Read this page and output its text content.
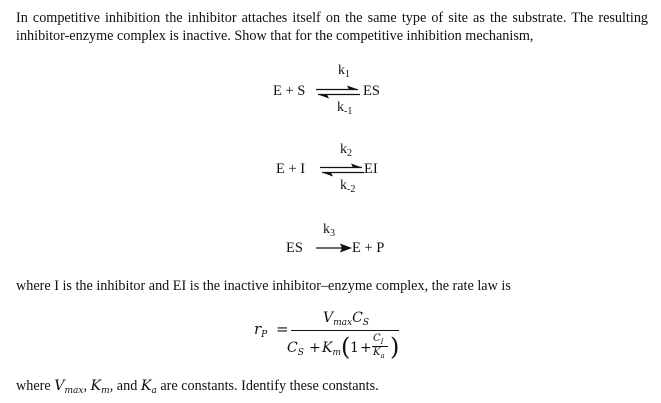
In competitive inhibition the inhibitor attaches itself on the same type of site as the substrate. The resulting inhibitor-enzyme complex is inactive. Show that for the competitive inhibition mechanism,
$k_1$
E + S ⇌ ES
$k_{-1}$
$k_2$
E + I ⇌
EI
$k_{-2}$
$k_3$
ES	E + P
where I is the inhibitor and EI is the inactive inhibitor–enzyme complex, the rate law is
$r_P$ =
$V_{max}C_S$
$C_S + K_m$ ( 1 +
$C_I$
$K_a$ )
where $V_{max}$, $K_m$, and $K_a$ are constants. Identify these constants.
